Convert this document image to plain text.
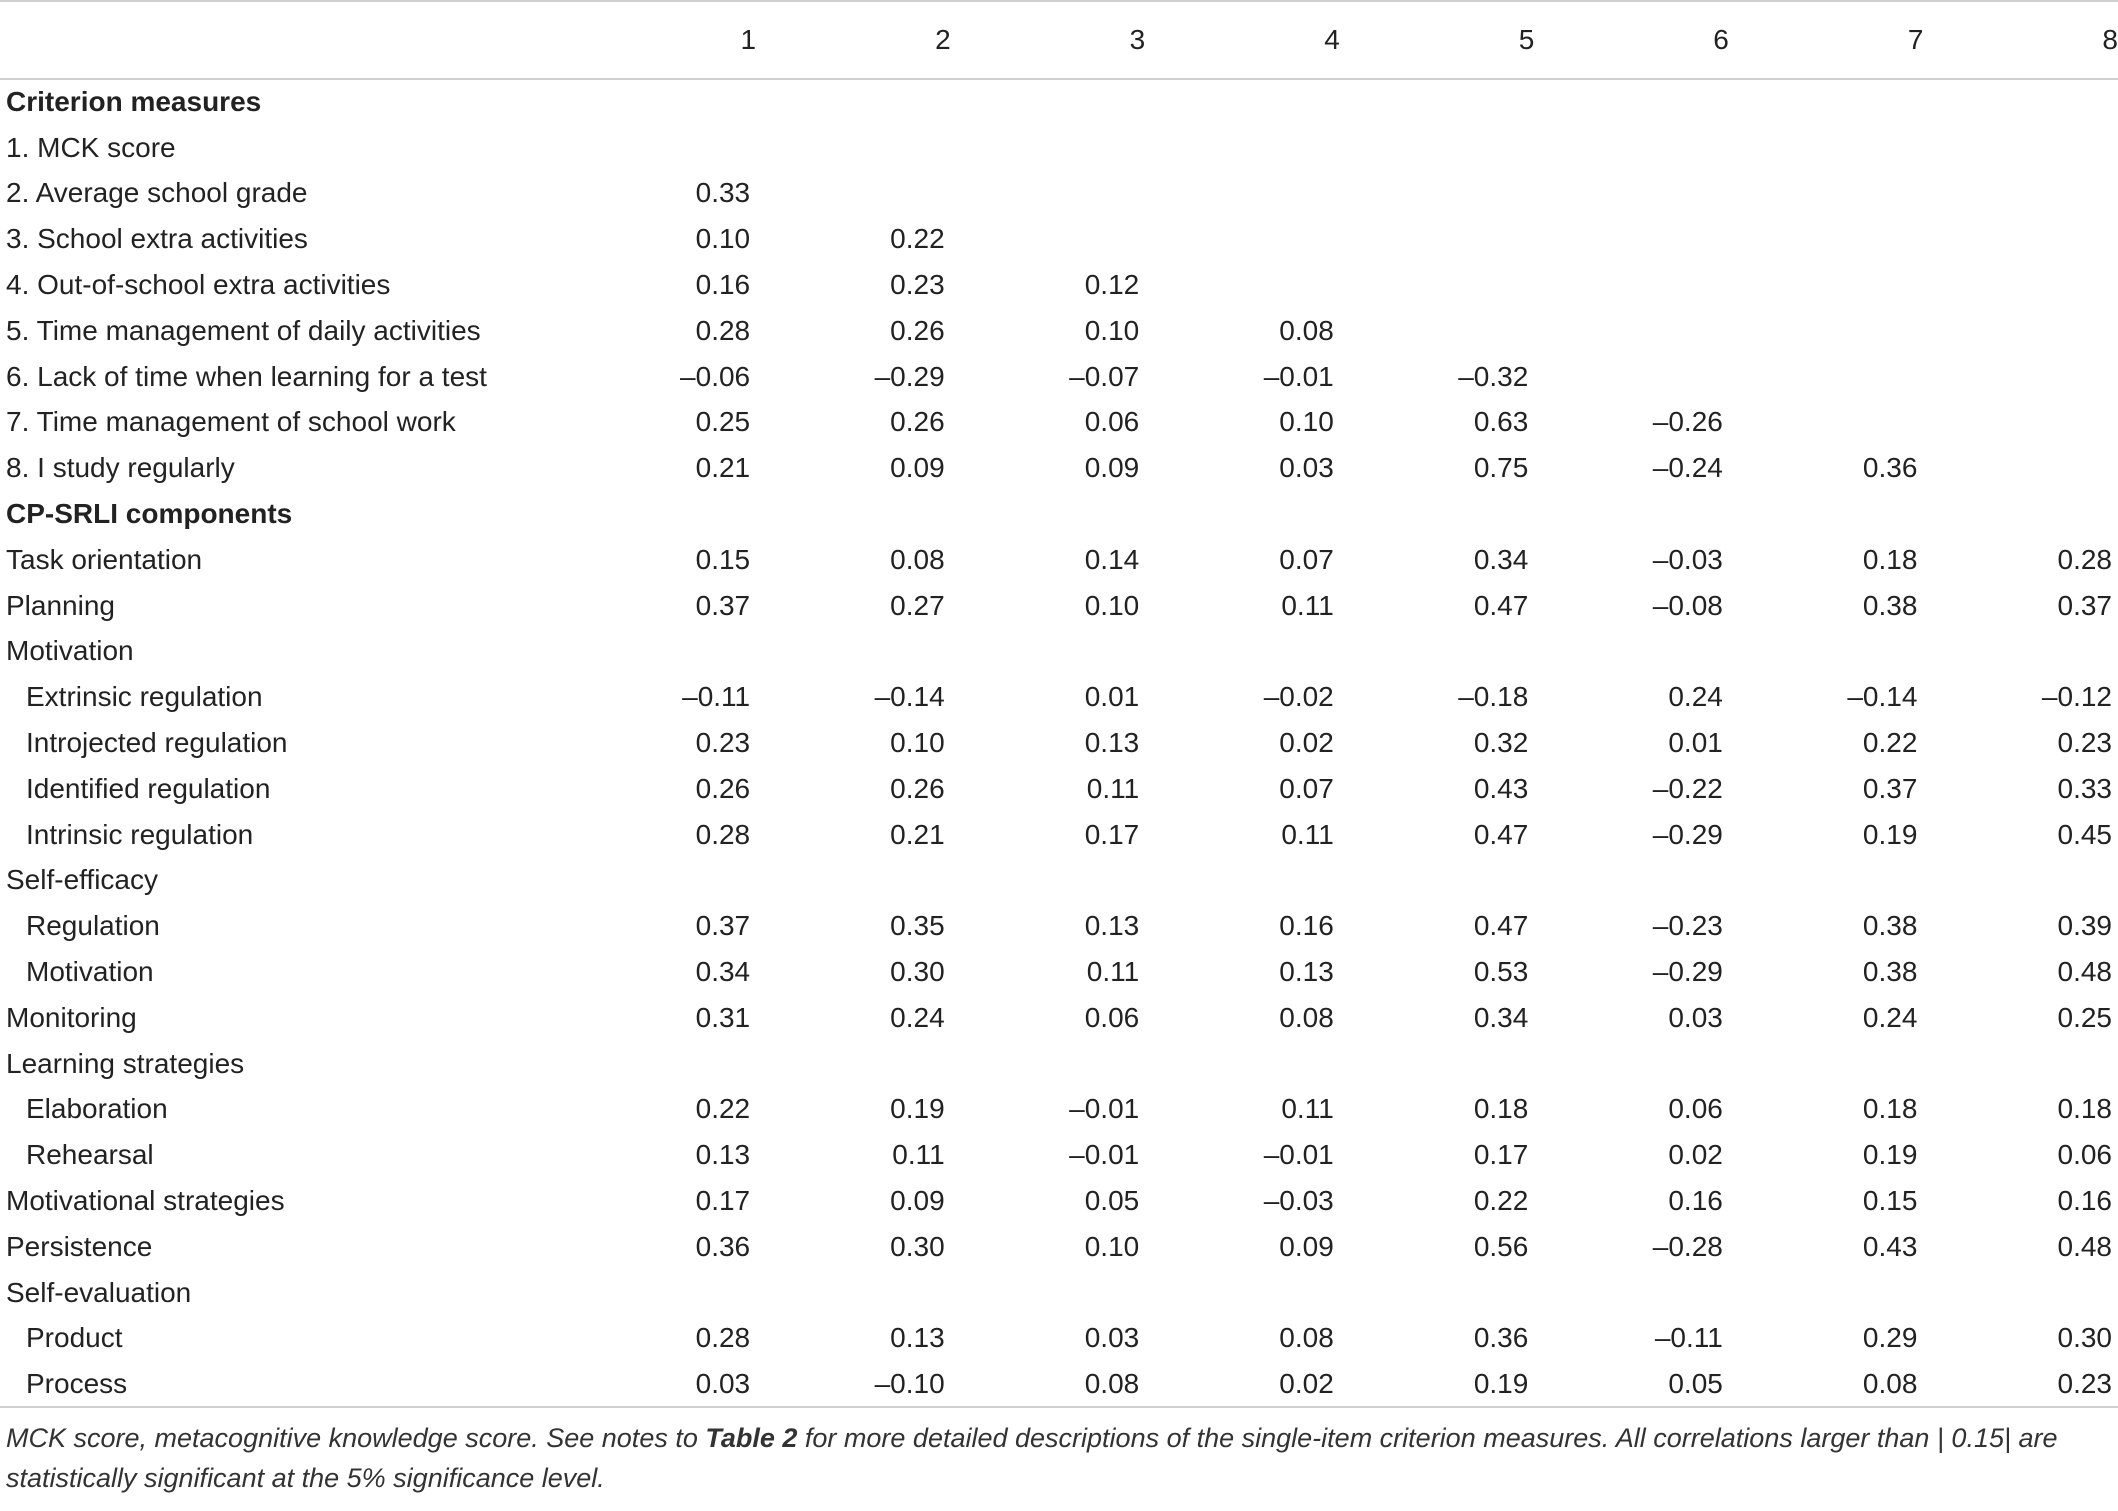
	1	2	3	4	5	6	7	8
Criterion measures								
1. MCK score								
2. Average school grade	0.33							
3. School extra activities	0.10	0.22						
4. Out-of-school extra activities	0.16	0.23	0.12					
5. Time management of daily activities	0.28	0.26	0.10	0.08				
6. Lack of time when learning for a test	–0.06	–0.29	–0.07	–0.01	–0.32			
7. Time management of school work	0.25	0.26	0.06	0.10	0.63	–0.26		
8. I study regularly	0.21	0.09	0.09	0.03	0.75	–0.24	0.36	
CP-SRLI components								
Task orientation	0.15	0.08	0.14	0.07	0.34	–0.03	0.18	0.28
Planning	0.37	0.27	0.10	0.11	0.47	–0.08	0.38	0.37
Motivation								
Extrinsic regulation	–0.11	–0.14	0.01	–0.02	–0.18	0.24	–0.14	–0.12
Introjected regulation	0.23	0.10	0.13	0.02	0.32	0.01	0.22	0.23
Identified regulation	0.26	0.26	0.11	0.07	0.43	–0.22	0.37	0.33
Intrinsic regulation	0.28	0.21	0.17	0.11	0.47	–0.29	0.19	0.45
Self-efficacy								
Regulation	0.37	0.35	0.13	0.16	0.47	–0.23	0.38	0.39
Motivation	0.34	0.30	0.11	0.13	0.53	–0.29	0.38	0.48
Monitoring	0.31	0.24	0.06	0.08	0.34	0.03	0.24	0.25
Learning strategies								
Elaboration	0.22	0.19	–0.01	0.11	0.18	0.06	0.18	0.18
Rehearsal	0.13	0.11	–0.01	–0.01	0.17	0.02	0.19	0.06
Motivational strategies	0.17	0.09	0.05	–0.03	0.22	0.16	0.15	0.16
Persistence	0.36	0.30	0.10	0.09	0.56	–0.28	0.43	0.48
Self-evaluation								
Product	0.28	0.13	0.03	0.08	0.36	–0.11	0.29	0.30
Process	0.03	–0.10	0.08	0.02	0.19	0.05	0.08	0.23

MCK score, metacognitive knowledge score. See notes to Table 2 for more detailed descriptions of the single-item criterion measures. All correlations larger than | 0.15| are statistically significant at the 5% significance level.
